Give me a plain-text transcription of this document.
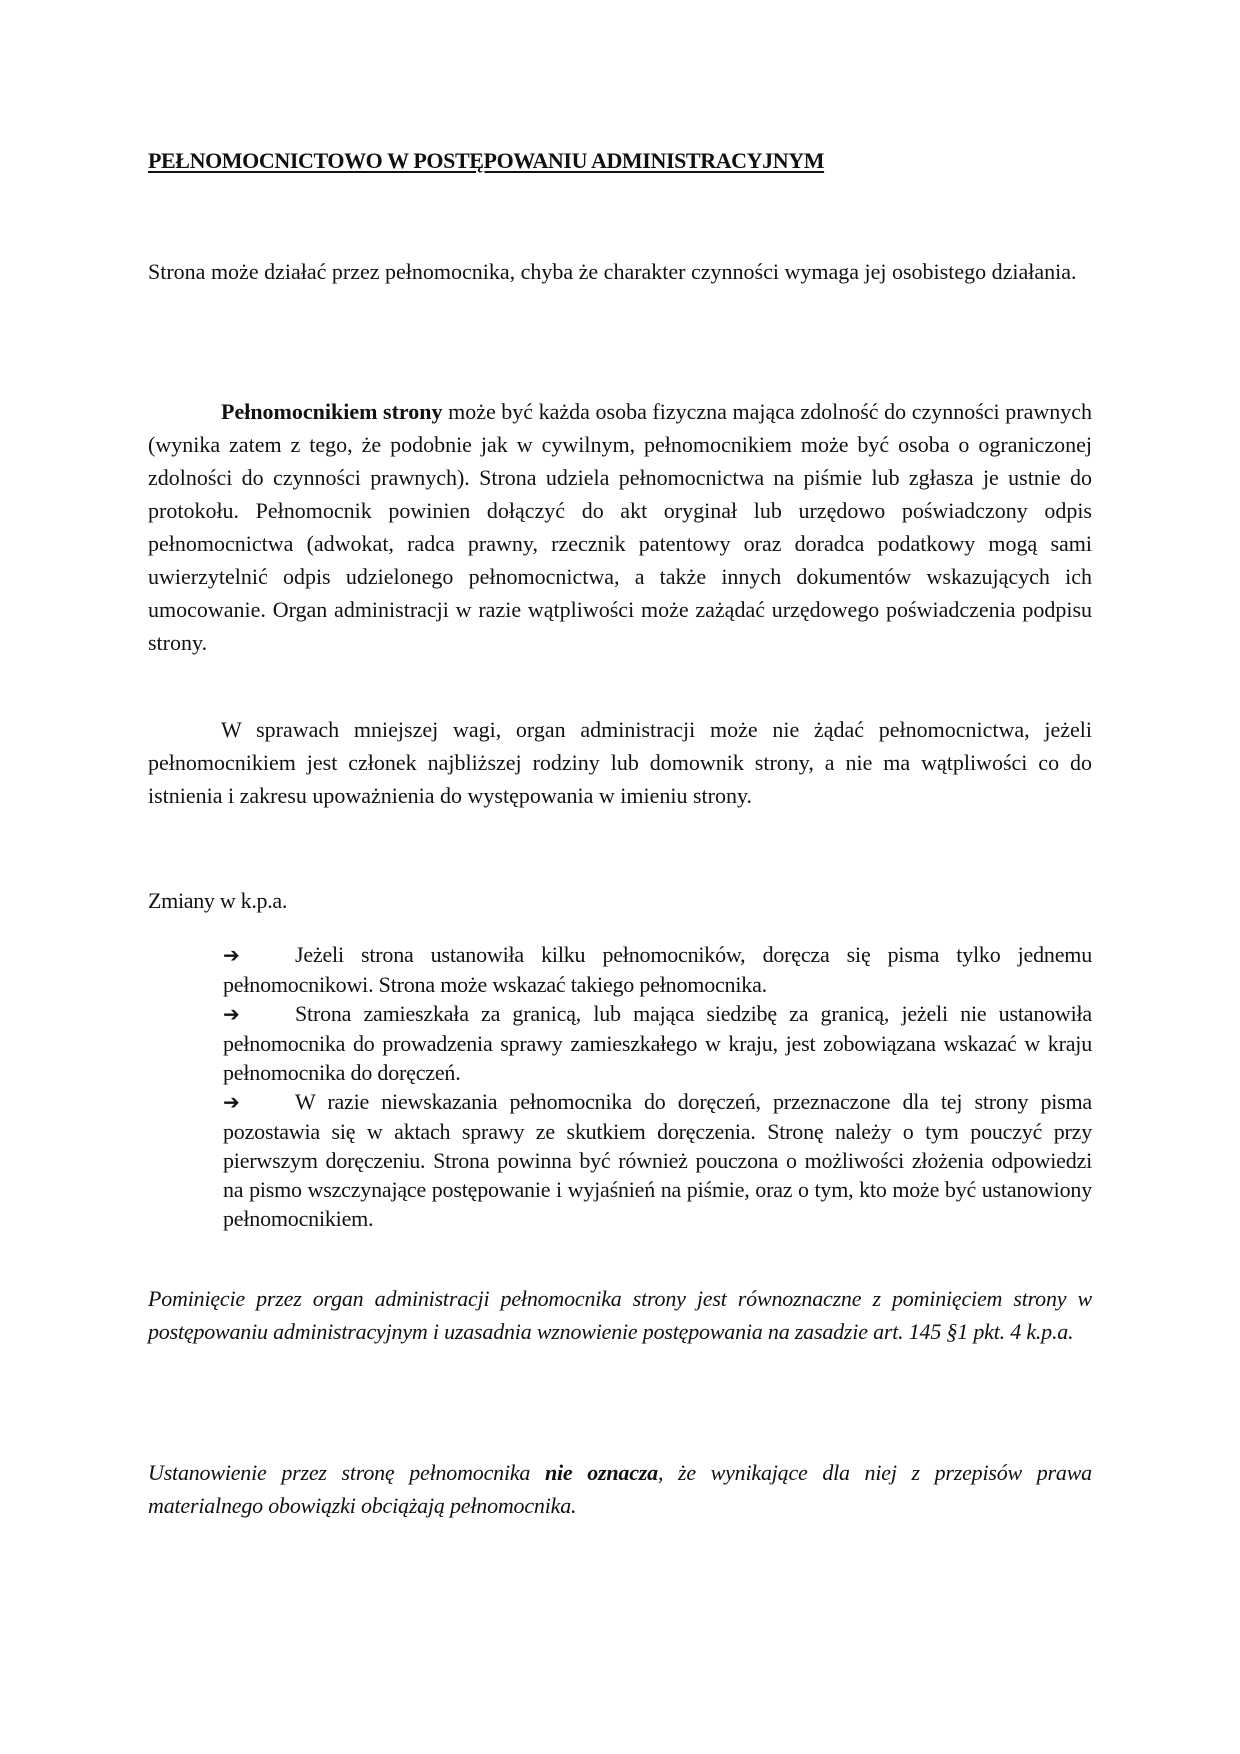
PEŁNOMOCNICTOWO W POSTĘPOWANIU ADMINISTRACYJNYM

Strona może działać przez pełnomocnika, chyba że charakter czynności wymaga jej osobistego działania.

Pełnomocnikiem strony może być każda osoba fizyczna mająca zdolność do czynności prawnych (wynika zatem z tego, że podobnie jak w cywilnym, pełnomocnikiem może być osoba o ograniczonej zdolności do czynności prawnych). Strona udziela pełnomocnictwa na piśmie lub zgłasza je ustnie do protokołu. Pełnomocnik powinien dołączyć do akt oryginał lub urzędowo poświadczony odpis pełnomocnictwa (adwokat, radca prawny, rzecznik patentowy oraz doradca podatkowy mogą sami uwierzytelnić odpis udzielonego pełnomocnictwa, a także innych dokumentów wskazujących ich umocowanie. Organ administracji w razie wątpliwości może zażądać urzędowego poświadczenia podpisu strony.

W sprawach mniejszej wagi, organ administracji może nie żądać pełnomocnictwa, jeżeli pełnomocnikiem jest członek najbliższej rodziny lub domownik strony, a nie ma wątpliwości co do istnienia i zakresu upoważnienia do występowania w imieniu strony.

Zmiany w k.p.a.
➔	Jeżeli strona ustanowiła kilku pełnomocników, doręcza się pisma tylko jednemu pełnomocnikowi. Strona może wskazać takiego pełnomocnika.
➔	Strona zamieszkała za granicą, lub mająca siedzibę za granicą, jeżeli nie ustanowiła pełnomocnika do prowadzenia sprawy zamieszkałego w kraju, jest zobowiązana wskazać w kraju pełnomocnika do doręczeń.
➔	W razie niewskazania pełnomocnika do doręczeń, przeznaczone dla tej strony pisma pozostawia się w aktach sprawy ze skutkiem doręczenia. Stronę należy o tym pouczyć przy pierwszym doręczeniu. Strona powinna być również pouczona o możliwości złożenia odpowiedzi na pismo wszczynające postępowanie i wyjaśnień na piśmie, oraz o tym, kto może być ustanowiony pełnomocnikiem.

Pominięcie przez organ administracji pełnomocnika strony jest równoznaczne z pominięciem strony w postępowaniu administracyjnym i uzasadnia wznowienie postępowania na zasadzie art. 145 §1 pkt. 4 k.p.a.

Ustanowienie przez stronę pełnomocnika nie oznacza, że wynikające dla niej z przepisów prawa materialnego obowiązki obciążają pełnomocnika.
